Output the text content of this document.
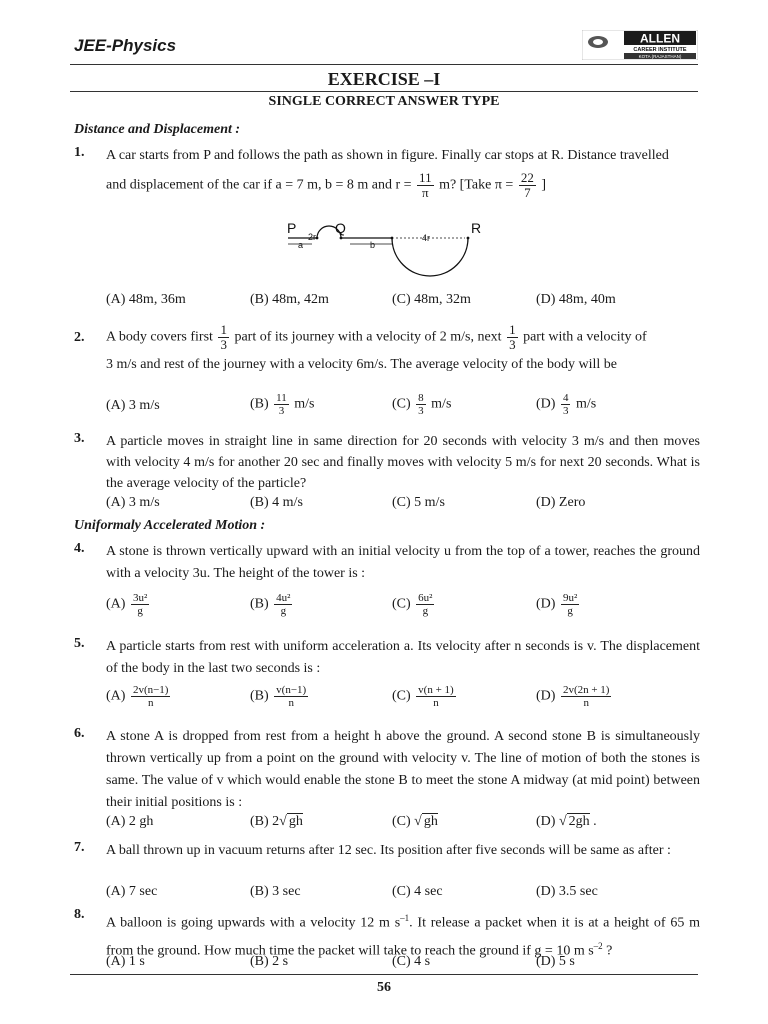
JEE-Physics	ALLEN
CAREER INSTITUTE
KOTA (RAJASTHAN)
EXERCISE –I
SINGLE CORRECT ANSWER TYPE
Distance and Displacement :
1. A car starts from P and follows the path as shown in figure. Finally car stops at R. Distance travelled
and displacement of the car if a = 7 m, b = 8 m and $r = \frac{11}{\pi} m$? [Take $\pi = \frac{22}{7}$ ]
P	Q	R
2r	4r
a	b
(A) 48m, 36m	(B) 48m, 42m	(C) 48m, 32m	(D) 48m, 40m
2. A body covers first $\frac{1}{3}$ part of its journey with a velocity of 2 m/s, next $\frac{1}{3}$ part with a velocity of
3 m/s and rest of the journey with a velocity 6m/s. The average velocity of the body will be
(A) 3 m/s	$(B) \frac{11}{3} m/s$	$(C) \frac{8}{3} m/s$	$(D) \frac{4}{3} m/s$
3. A particle moves in straight line in same direction for 20 seconds with velocity 3 m/s and then moves with velocity 4 m/s for another 20 sec and finally moves with velocity 5 m/s for next 20 seconds. What is the average velocity of the particle?
(A) 3 m/s	(B) 4 m/s	(C) 5 m/s	(D) Zero
Uniformaly Accelerated Motion :
4. A stone is thrown vertically upward with an initial velocity u from the top of a tower, reaches the ground with a velocity 3u. The height of the tower is :
$(A) \frac{\text{3u²}}{g}$	$(B) \frac{\text{4u²}}{g}$	$(C) \frac{\text{6u²}}{g}$	$(D) \frac{\text{9u²}}{g}$
5. A particle starts from rest with uniform acceleration a. Its velocity after n seconds is v. The displacement of the body in the last two seconds is :
$(A) \frac{2v(n-1)}{n}$	$(B) \frac{v(n-1)}{n}$	$(C) \frac{v(n + 1)}{n}$	$(D) \frac{2v(2n + 1)}{n}$
6. A stone A is dropped from rest from a height h above the ground. A second stone B is simultaneously thrown vertically up from a point on the ground with velocity v. The line of motion of both the stones is same. The value of v which would enable the stone B to meet the stone A midway (at mid point) between their initial positions is :
(A) 2 gh	(B) 2√ gh	(C) √ gh	(D) √ 2gh .
7. A ball thrown up in vacuum returns after 12 sec. Its position after five seconds will be same as after :
(A) 7 sec	(B) 3 sec	(C) 4 sec	(D) 3.5 sec
8.
A balloon is going upwards with a velocity 12 m $s^{-1}$. It release a packet when it is at a height of 65 m from the ground. How much time the packet will take to reach the ground if g = 10 m $s^{-2}$ ?
(A) 1 s	(B) 2 s	(C) 4 s	(D) 5 s
56
